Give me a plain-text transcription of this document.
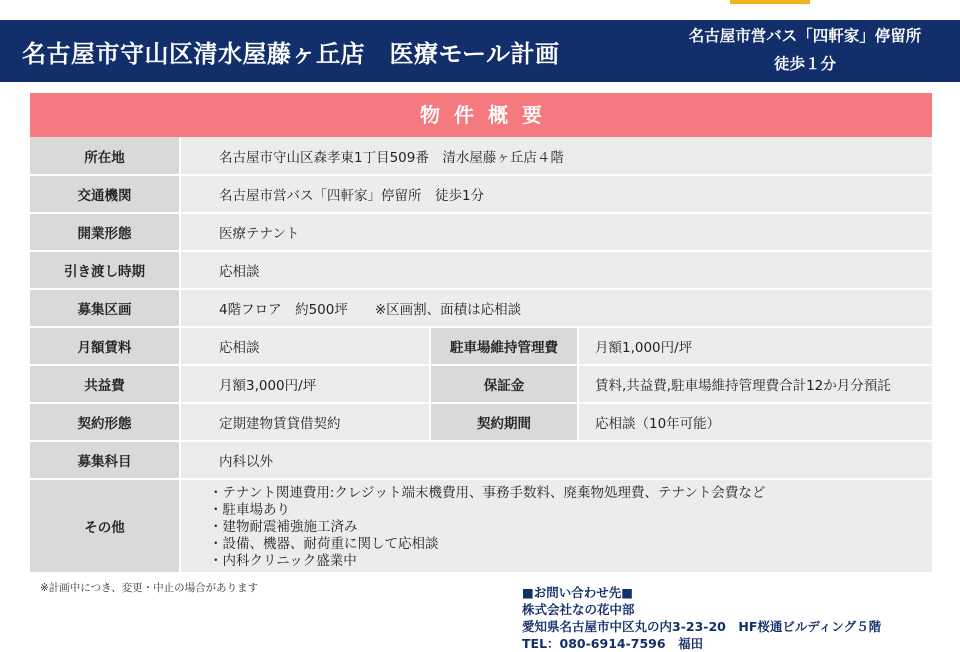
名古屋市守山区清水屋藤ヶ丘店　医療モール計画
名古屋市営バス「四軒家」停留所
徒歩１分
物件概要
所在地	名古屋市守山区森孝東1丁目509番　清水屋藤ヶ丘店４階		
交通機関	名古屋市営バス「四軒家」停留所　徒歩1分		
開業形態	医療テナント		
引き渡し時期	応相談		
募集区画	4階フロア　約500坪　　※区画割、面積は応相談		
月額賃料	応相談	駐車場維持管理費	月額1,000円/坪
共益費	月額3,000円/坪	保証金	賃料,共益費,駐車場維持管理費合計12か月分預託
契約形態	定期建物賃貸借契約	契約期間	応相談（10年可能）
募集科目	内科以外		
その他	・テナント関連費用:クレジット端末機費用、事務手数料、廃棄物処理費、テナント会費など
・駐車場あり
・建物耐震補強施工済み
・設備、機器、耐荷重に関して応相談
・内科クリニック盛業中		
※計画中につき、変更・中止の場合があります	■お問い合わせ先■
株式会社なの花中部
愛知県名古屋市中区丸の内3-23-20　HF桜通ビルディング５階
TEL：080-6914-7596　福田
